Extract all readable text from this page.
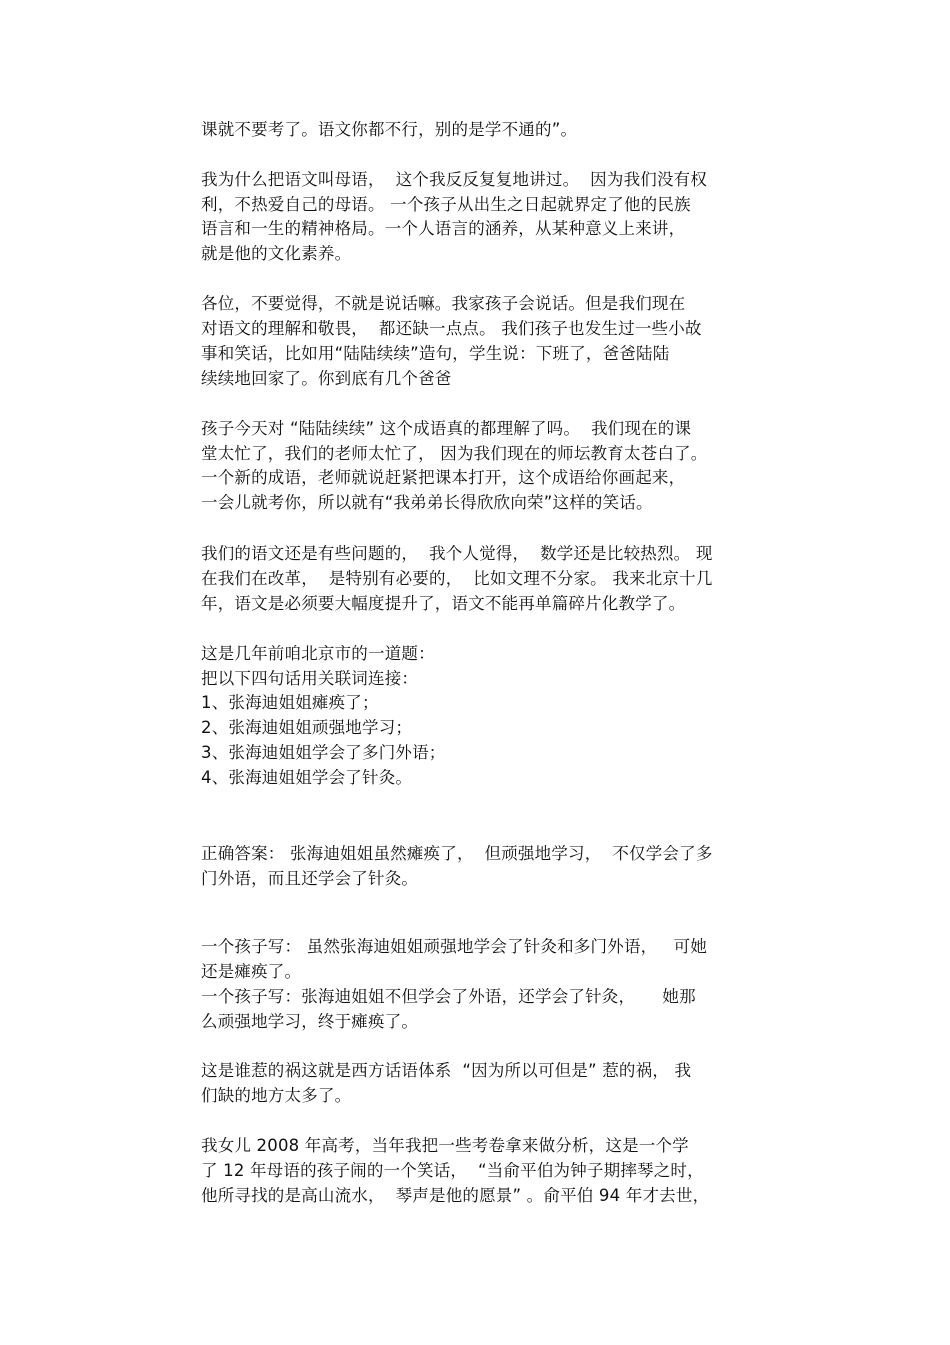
课就不要考了。语文你都不行，别的是学不通的”。
我为什么把语文叫母语，  这个我反反复复地讲过。  因为我们没有权
利，不热爱自己的母语。 一个孩子从出生之日起就界定了他的民族
语言和一生的精神格局。一个人语言的涵养，从某种意义上来讲，
就是他的文化素养。
各位，不要觉得，不就是说话嘛。我家孩子会说话。但是我们现在
对语文的理解和敬畏，  都还缺一点点。 我们孩子也发生过一些小故
事和笑话，比如用“陆陆续续”造句，学生说：下班了，爸爸陆陆
续续地回家了。你到底有几个爸爸
孩子今天对 “陆陆续续” 这个成语真的都理解了吗。  我们现在的课
堂太忙了，我们的老师太忙了， 因为我们现在的师坛教育太苍白了。
一个新的成语，老师就说赶紧把课本打开，这个成语给你画起来，
一会儿就考你，所以就有“我弟弟长得欣欣向荣”这样的笑话。
我们的语文还是有些问题的，  我个人觉得，  数学还是比较热烈。 现
在我们在改革，  是特别有必要的，  比如文理不分家。 我来北京十几
年，语文是必须要大幅度提升了，语文不能再单篇碎片化教学了。
这是几年前咱北京市的一道题：
把以下四句话用关联词连接：
1、张海迪姐姐瘫痪了；
2、张海迪姐姐顽强地学习；
3、张海迪姐姐学会了多门外语；
4、张海迪姐姐学会了针灸。
正确答案： 张海迪姐姐虽然瘫痪了，  但顽强地学习，  不仅学会了多
门外语，而且还学会了针灸。
一个孩子写： 虽然张海迪姐姐顽强地学会了针灸和多门外语，   可她
还是瘫痪了。
一个孩子写：张海迪姐姐不但学会了外语，还学会了针灸，     她那
么顽强地学习，终于瘫痪了。
这是谁惹的祸这就是西方话语体系  “因为所以可但是” 惹的祸， 我
们缺的地方太多了。
我女儿 2008 年高考，当年我把一些考卷拿来做分析，这是一个学
了 12 年母语的孩子闹的一个笑话，  “当俞平伯为钟子期摔琴之时，
他所寻找的是高山流水，  琴声是他的愿景” 。俞平伯 94 年才去世，
